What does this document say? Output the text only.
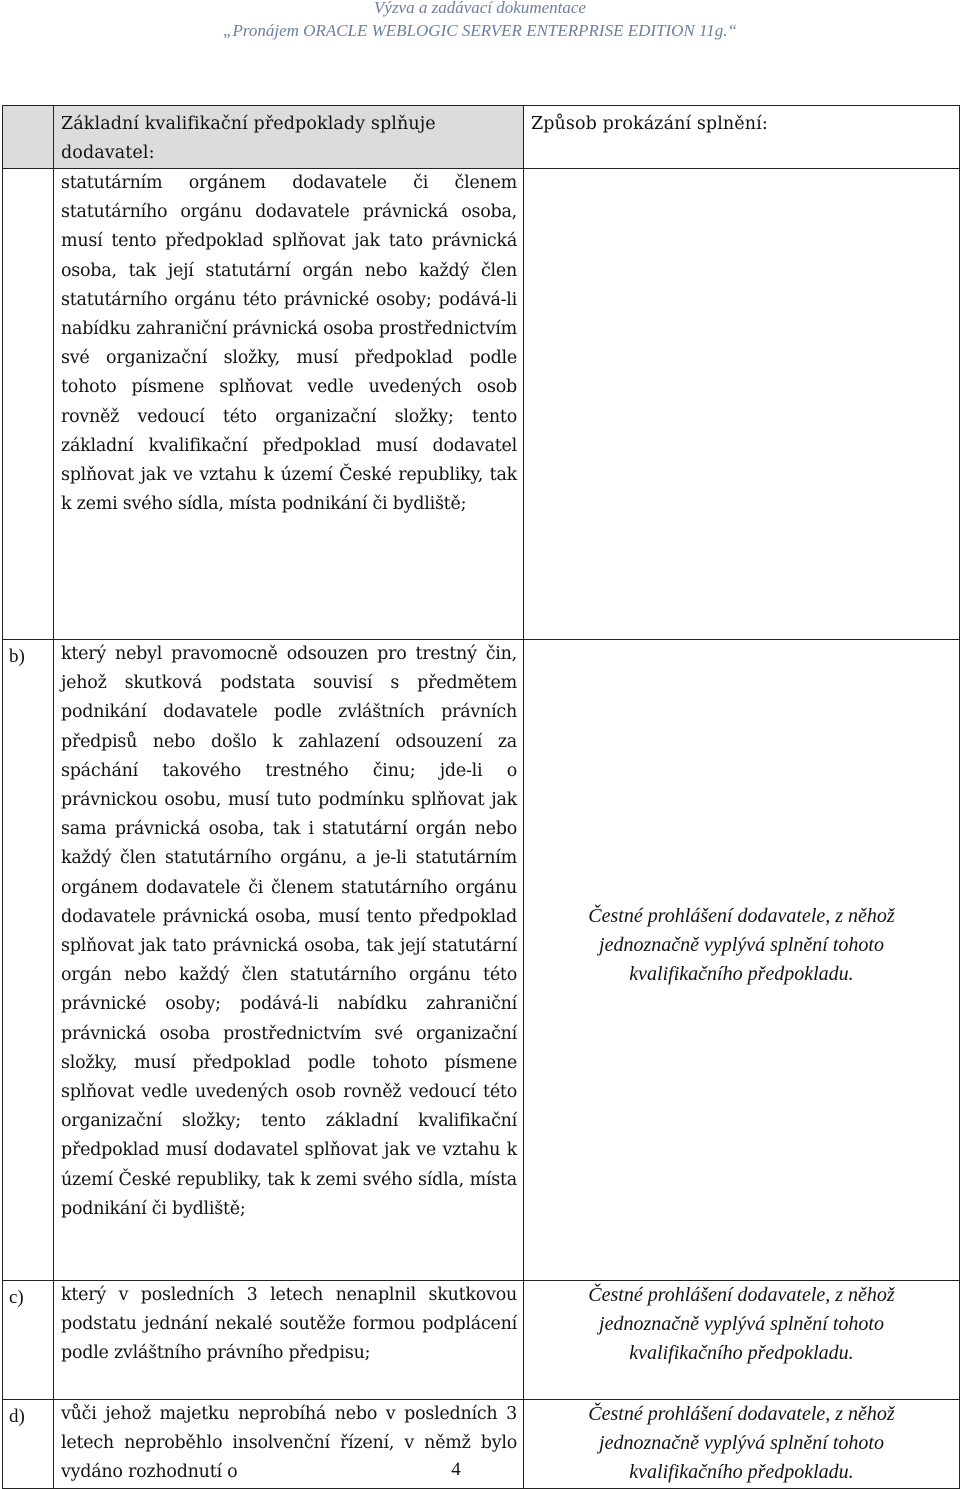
Výzva a zadávací dokumentace
„Pronájem ORACLE WEBLOGIC SERVER ENTERPRISE EDITION 11g.“

	Základní kvalifikační předpoklady splňuje dodavatel:	Způsob prokázání splnění:

	statutárním orgánem dodavatele či členem statutárního orgánu dodavatele právnická osoba, musí tento předpoklad splňovat jak tato právnická osoba, tak její statutární orgán nebo každý člen statutárního orgánu této právnické osoby; podává-li nabídku zahraniční právnická osoba prostřednictvím své organizační složky, musí předpoklad podle tohoto písmene splňovat vedle uvedených osob rovněž vedoucí této organizační složky; tento základní kvalifikační předpoklad musí dodavatel splňovat jak ve vztahu k území České republiky, tak k zemi svého sídla, místa podnikání či bydliště;	

b)	který nebyl pravomocně odsouzen pro trestný čin, jehož skutková podstata souvisí s předmětem podnikání dodavatele podle zvláštních právních předpisů nebo došlo k zahlazení odsouzení za spáchání takového trestného činu; jde-li o právnickou osobu, musí tuto podmínku splňovat jak sama právnická osoba, tak i statutární orgán nebo každý člen statutárního orgánu, a je-li statutárním orgánem dodavatele či členem statutárního orgánu dodavatele právnická osoba, musí tento předpoklad splňovat jak tato právnická osoba, tak její statutární orgán nebo každý člen statutárního orgánu této právnické osoby; podává-li nabídku zahraniční právnická osoba prostřednictvím své organizační složky, musí předpoklad podle tohoto písmene splňovat vedle uvedených osob rovněž vedoucí této organizační složky; tento základní kvalifikační předpoklad musí dodavatel splňovat jak ve vztahu k území České republiky, tak k zemi svého sídla, místa podnikání či bydliště;	Čestné prohlášení dodavatele, z něhož jednoznačně vyplývá splnění tohoto kvalifikačního předpokladu.

c)	který v posledních 3 letech nenaplnil skutkovou podstatu jednání nekalé soutěže formou podplácení podle zvláštního právního předpisu;	Čestné prohlášení dodavatele, z něhož jednoznačně vyplývá splnění tohoto kvalifikačního předpokladu.

d)	vůči jehož majetku neprobíhá nebo v posledních 3 letech neproběhlo insolvenční řízení, v němž bylo vydáno rozhodnutí o	Čestné prohlášení dodavatele, z něhož jednoznačně vyplývá splnění tohoto kvalifikačního předpokladu.
4
